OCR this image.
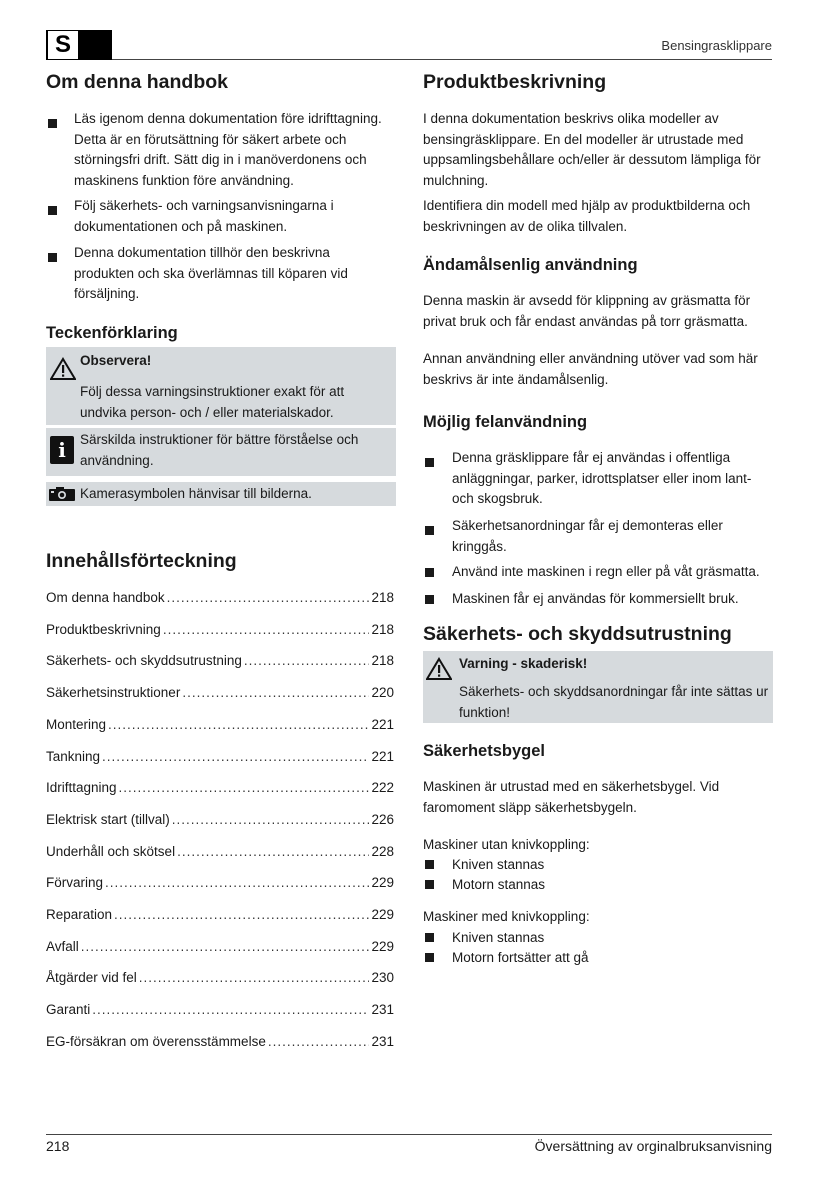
S	Bensingrasklippare
Om denna handbok
Läs igenom denna dokumentation före idrifttagning. Detta är en förutsättning för säkert arbete och störningsfri drift. Sätt dig in i manöverdonens och maskinens funktion före användning.
Följ säkerhets- och varningsanvisningarna i dokumentationen och på maskinen.
Denna dokumentation tillhör den beskrivna produkten och ska överlämnas till köparen vid försäljning.
Teckenförklaring
Observera!
Följ dessa varningsinstruktioner exakt för att undvika person- och / eller materialskador.
i	Särskilda instruktioner för bättre förståelse och användning.
Kamerasymbolen hänvisar till bilderna.
Innehållsförteckning
Om denna handbok .....	218
Produktbeskrivning .....	218
Säkerhets- och skyddsutrustning .....	218
Säkerhetsinstruktioner .....	220
Montering .....	221
Tankning .....	221
Idrifttagning .....	222
Elektrisk start (tillval) .....	226
Underhåll och skötsel .....	228
Förvaring .....	229
Reparation .....	229
Avfall .....	229
Åtgärder vid fel .....	230
Garanti .....	231
EG-försäkran om överensstämmelse .....	231
Produktbeskrivning
I denna dokumentation beskrivs olika modeller av bensingräsklippare. En del modeller är utrustade med uppsamlingsbehållare och/eller är dessutom lämpliga för mulchning.
Identifiera din modell med hjälp av produktbilderna och beskrivningen av de olika tillvalen.
Ändamålsenlig användning
Denna maskin är avsedd för klippning av gräsmatta för privat bruk och får endast användas på torr gräsmatta.
Annan användning eller användning utöver vad som här beskrivs är inte ändamålsenlig.
Möjlig felanvändning
Denna gräsklippare får ej användas i offentliga anläggningar, parker, idrottsplatser eller inom lant- och skogsbruk.
Säkerhetsanordningar får ej demonteras eller kringgås.
Använd inte maskinen i regn eller på våt gräsmatta.
Maskinen får ej användas för kommersiellt bruk.
Säkerhets- och skyddsutrustning
Varning - skaderisk!
Säkerhets- och skyddsanordningar får inte sättas ur funktion!
Säkerhetsbygel
Maskinen är utrustad med en säkerhetsbygel. Vid faromoment släpp säkerhetsbygeln.
Maskiner utan knivkoppling:
Kniven stannas
Motorn stannas
Maskiner med knivkoppling:
Kniven stannas
Motorn fortsätter att gå
218	Översättning av orginalbruksanvisning
